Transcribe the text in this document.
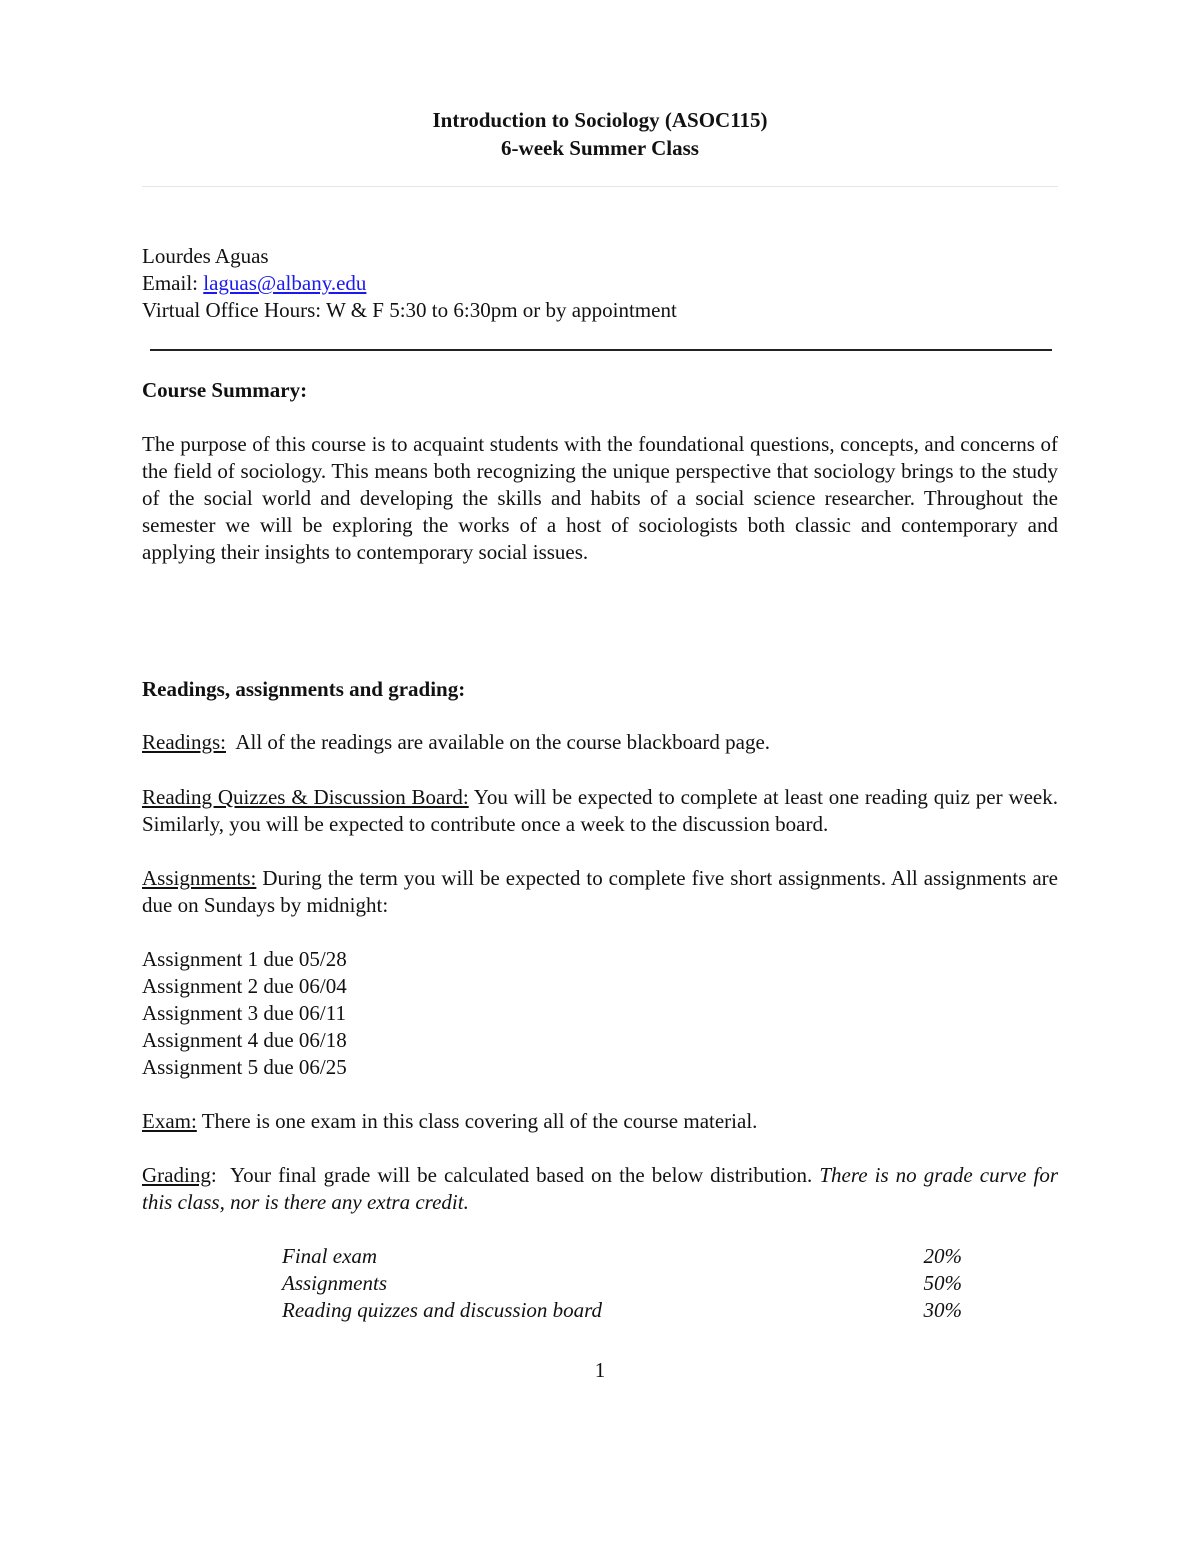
Introduction to Sociology (ASOC115)
6-week Summer Class
Lourdes Aguas
Email: laguas@albany.edu
Virtual Office Hours: W & F 5:30 to 6:30pm or by appointment
Course Summary:

The purpose of this course is to acquaint students with the foundational questions, concepts, and concerns of the field of sociology. This means both recognizing the unique perspective that sociology brings to the study of the social world and developing the skills and habits of a social science researcher. Throughout the semester we will be exploring the works of a host of sociologists both classic and contemporary and applying their insights to contemporary social issues.

Readings, assignments and grading:

Readings:  All of the readings are available on the course blackboard page.

Reading Quizzes & Discussion Board: You will be expected to complete at least one reading quiz per week. Similarly, you will be expected to contribute once a week to the discussion board.

Assignments: During the term you will be expected to complete five short assignments. All assignments are due on Sundays by midnight:

Assignment 1 due 05/28
Assignment 2 due 06/04
Assignment 3 due 06/11
Assignment 4 due 06/18
Assignment 5 due 06/25

Exam: There is one exam in this class covering all of the course material.

Grading:  Your final grade will be calculated based on the below distribution. There is no grade curve for this class, nor is there any extra credit.

Final exam	20%
Assignments	50%
Reading quizzes and discussion board	30%
1
